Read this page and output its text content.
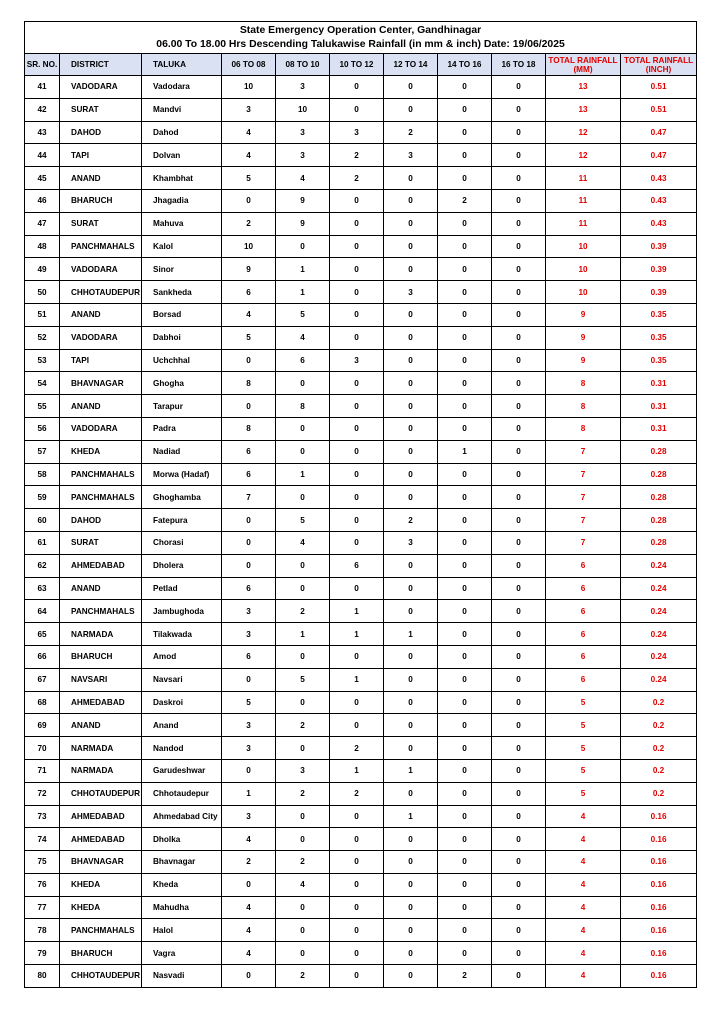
State Emergency Operation Center, Gandhinagar
06.00 To 18.00 Hrs Descending Talukawise Rainfall (in mm & inch) Date: 19/06/2025										

SR. NO.	DISTRICT	TALUKA	06 TO 08	08 TO 10	10 TO 12	12 TO 14	14 TO 16	16 TO 18	TOTAL RAINFALL (MM)	TOTAL RAINFALL (INCH)
41	VADODARA	Vadodara	10	3	0	0	0	0	13	0.51
42	SURAT	Mandvi	3	10	0	0	0	0	13	0.51
43	DAHOD	Dahod	4	3	3	2	0	0	12	0.47
44	TAPI	Dolvan	4	3	2	3	0	0	12	0.47
45	ANAND	Khambhat	5	4	2	0	0	0	11	0.43
46	BHARUCH	Jhagadia	0	9	0	0	2	0	11	0.43
47	SURAT	Mahuva	2	9	0	0	0	0	11	0.43
48	PANCHMAHALS	Kalol	10	0	0	0	0	0	10	0.39
49	VADODARA	Sinor	9	1	0	0	0	0	10	0.39
50	CHHOTAUDEPUR	Sankheda	6	1	0	3	0	0	10	0.39
51	ANAND	Borsad	4	5	0	0	0	0	9	0.35
52	VADODARA	Dabhoi	5	4	0	0	0	0	9	0.35
53	TAPI	Uchchhal	0	6	3	0	0	0	9	0.35
54	BHAVNAGAR	Ghogha	8	0	0	0	0	0	8	0.31
55	ANAND	Tarapur	0	8	0	0	0	0	8	0.31
56	VADODARA	Padra	8	0	0	0	0	0	8	0.31
57	KHEDA	Nadiad	6	0	0	0	1	0	7	0.28
58	PANCHMAHALS	Morwa (Hadaf)	6	1	0	0	0	0	7	0.28
59	PANCHMAHALS	Ghoghamba	7	0	0	0	0	0	7	0.28
60	DAHOD	Fatepura	0	5	0	2	0	0	7	0.28
61	SURAT	Chorasi	0	4	0	3	0	0	7	0.28
62	AHMEDABAD	Dholera	0	0	6	0	0	0	6	0.24
63	ANAND	Petlad	6	0	0	0	0	0	6	0.24
64	PANCHMAHALS	Jambughoda	3	2	1	0	0	0	6	0.24
65	NARMADA	Tilakwada	3	1	1	1	0	0	6	0.24
66	BHARUCH	Amod	6	0	0	0	0	0	6	0.24
67	NAVSARI	Navsari	0	5	1	0	0	0	6	0.24
68	AHMEDABAD	Daskroi	5	0	0	0	0	0	5	0.2
69	ANAND	Anand	3	2	0	0	0	0	5	0.2
70	NARMADA	Nandod	3	0	2	0	0	0	5	0.2
71	NARMADA	Garudeshwar	0	3	1	1	0	0	5	0.2
72	CHHOTAUDEPUR	Chhotaudepur	1	2	2	0	0	0	5	0.2
73	AHMEDABAD	Ahmedabad City	3	0	0	1	0	0	4	0.16
74	AHMEDABAD	Dholka	4	0	0	0	0	0	4	0.16
75	BHAVNAGAR	Bhavnagar	2	2	0	0	0	0	4	0.16
76	KHEDA	Kheda	0	4	0	0	0	0	4	0.16
77	KHEDA	Mahudha	4	0	0	0	0	0	4	0.16
78	PANCHMAHALS	Halol	4	0	0	0	0	0	4	0.16
79	BHARUCH	Vagra	4	0	0	0	0	0	4	0.16
80	CHHOTAUDEPUR	Nasvadi	0	2	0	0	2	0	4	0.16
